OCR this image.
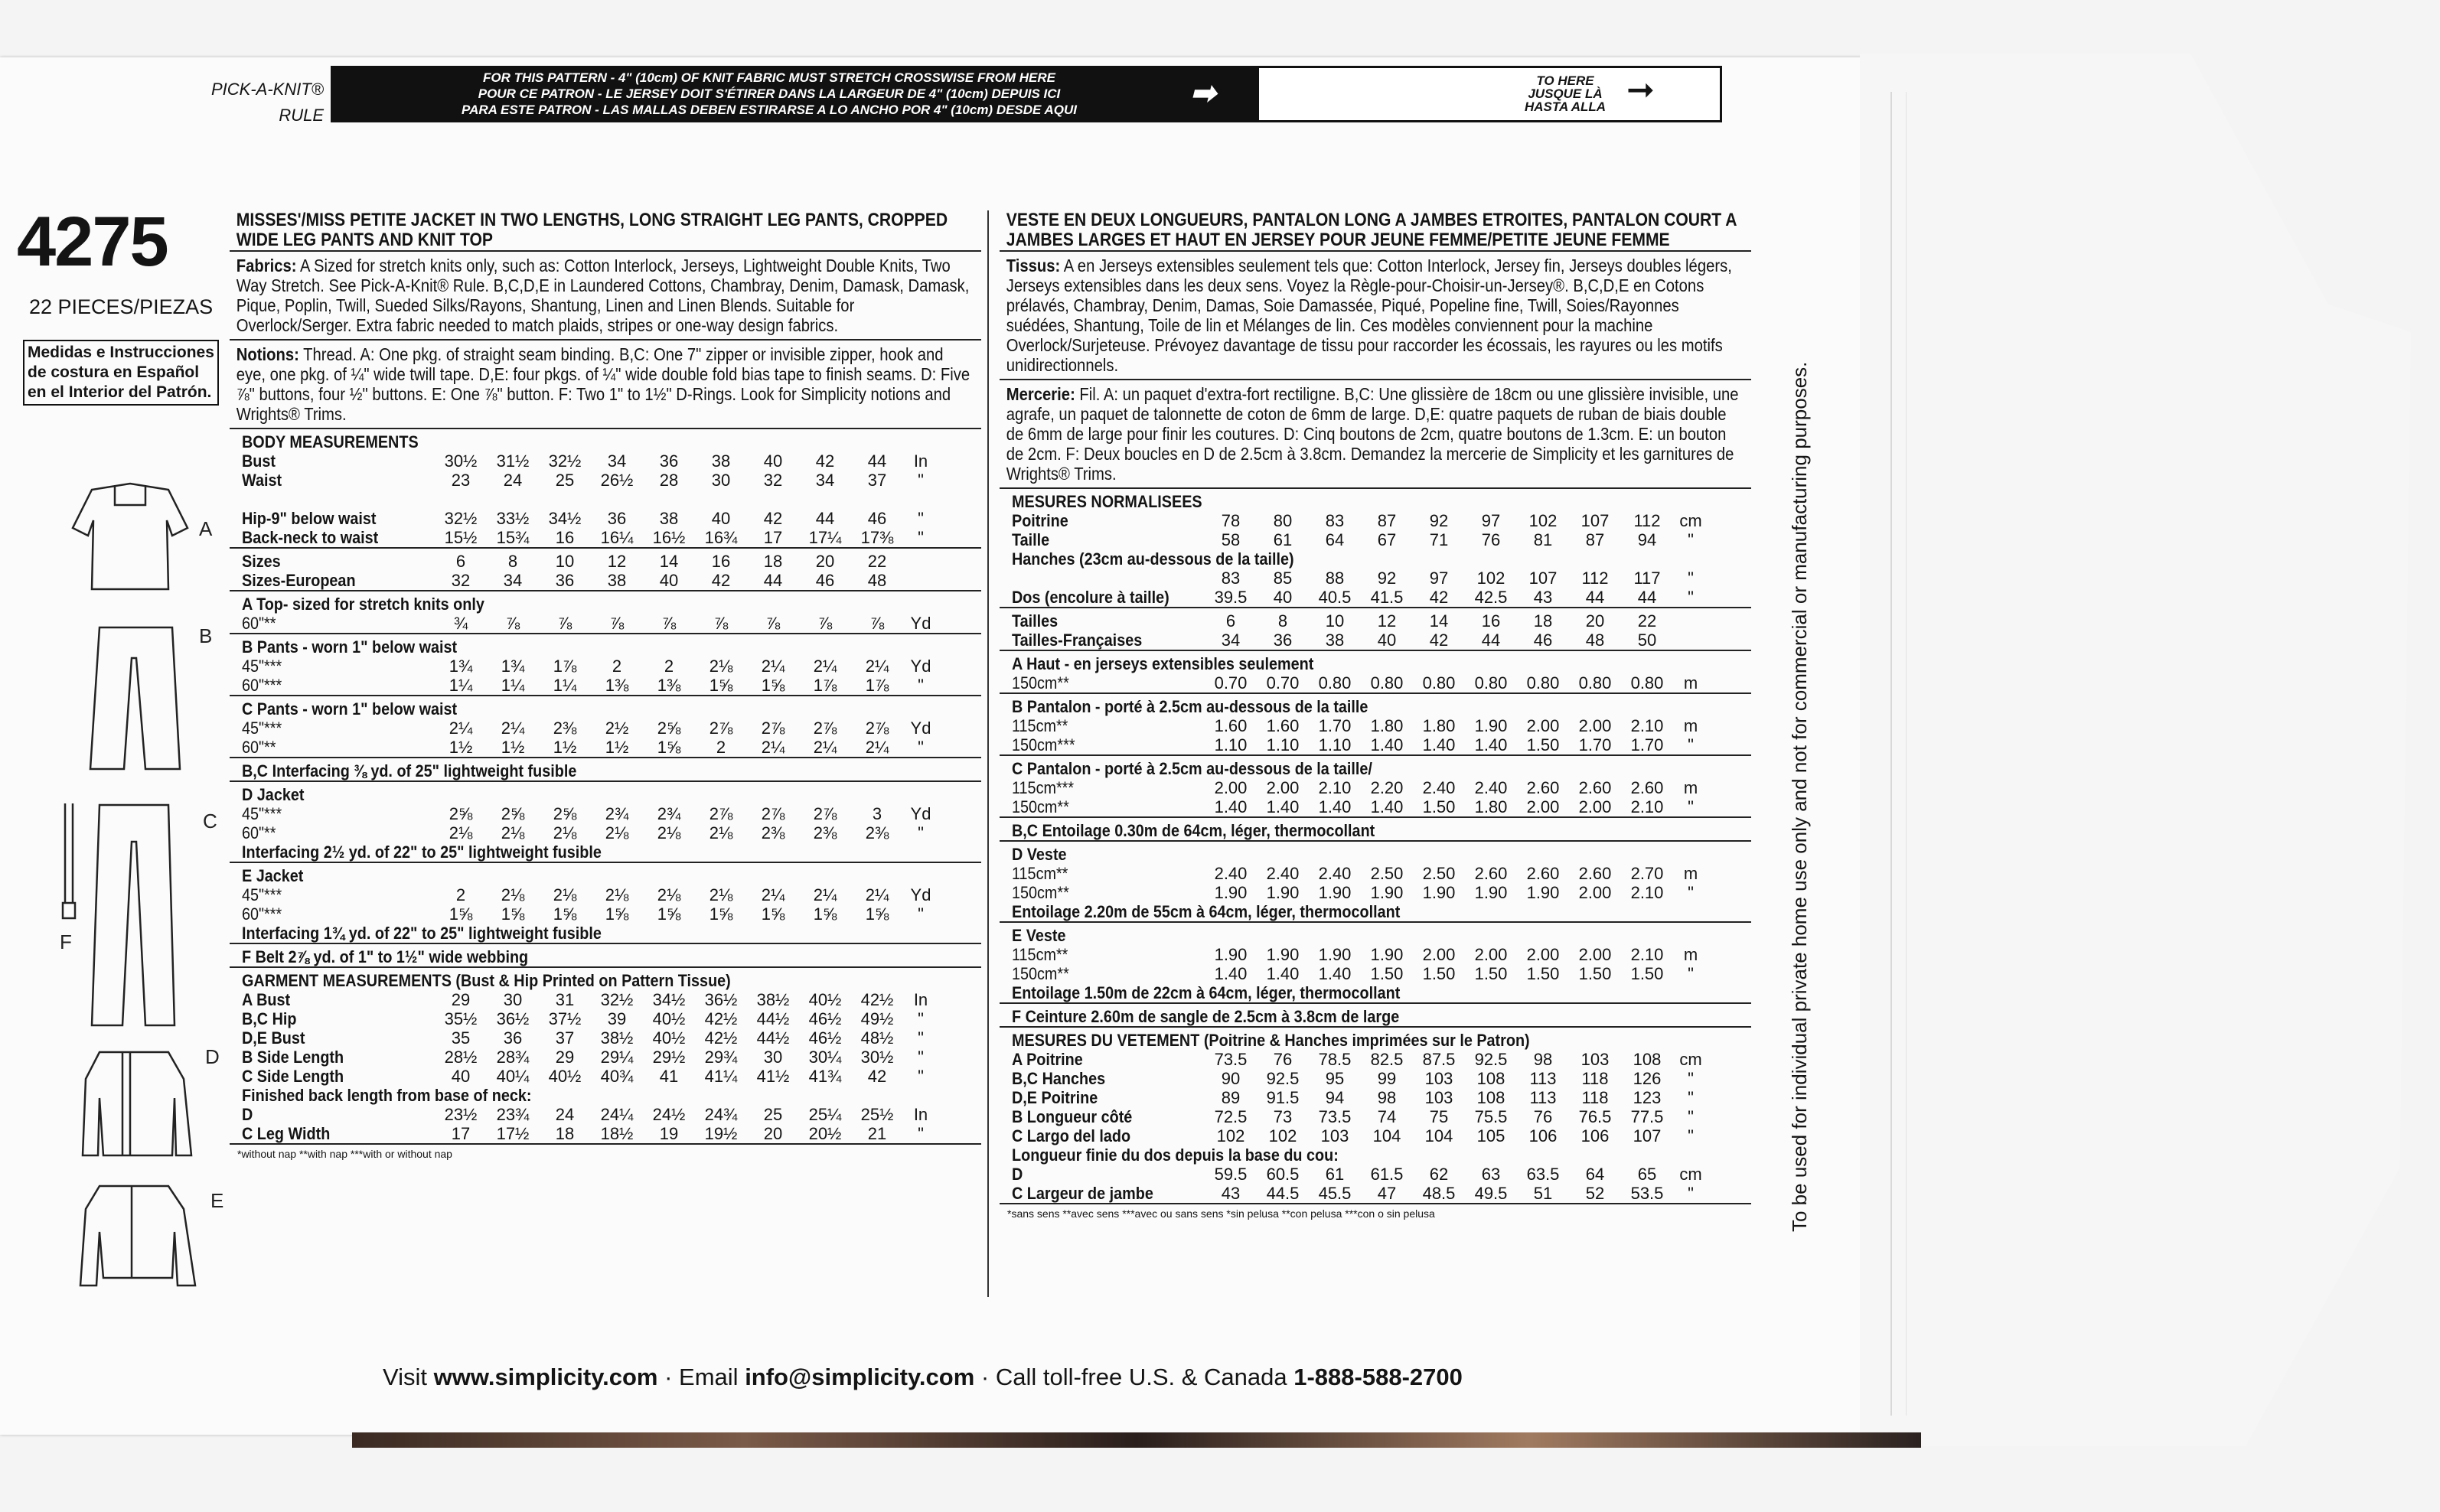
PICK-A-KNIT®
RULE
FOR THIS PATTERN - 4" (10cm) OF KNIT FABRIC MUST STRETCH CROSSWISE FROM HERE
POUR CE PATRON - LE JERSEY DOIT S'ÉTIRER DANS LA LARGEUR DE 4" (10cm) DEPUIS ICI
PARA ESTE PATRON - LAS MALLAS DEBEN ESTIRARSE A LO ANCHO POR 4" (10cm) DESDE AQUI	➡	TO HERE
JUSQUE LÀ
HASTA ALLA ➞
4275
22 PIECES/PIEZAS
Medidas e Instrucciones de costura en Español en el Interior del Patrón.
A
B
C
F
D
E
MISSES'/MISS PETITE JACKET IN TWO LENGTHS, LONG STRAIGHT LEG PANTS, CROPPED WIDE LEG PANTS AND KNIT TOP
Fabrics: A Sized for stretch knits only, such as: Cotton Interlock, Jerseys, Lightweight Double Knits, Two Way Stretch. See Pick-A-Knit® Rule. B,C,D,E in Laundered Cottons, Chambray, Denim, Damask, Damask, Pique, Poplin, Twill, Sueded Silks/Rayons, Shantung, Linen and Linen Blends. Suitable for Overlock/Serger. Extra fabric needed to match plaids, stripes or one-way design fabrics.
Notions: Thread. A: One pkg. of straight seam binding. B,C: One 7" zipper or invisible zipper, hook and eye, one pkg. of ¼" wide twill tape. D,E: four pkgs. of ¼" wide double fold bias tape to finish seams. D: Five ⅞" buttons, four ½" buttons. E: One ⅞" button. F: Two 1" to 1½" D-Rings. Look for Simplicity notions and Wrights® Trims.
BODY MEASUREMENTS
Bust	30½	31½	32½	34	36	38	40	42	44	In
Waist	23	24	25	26½	28	30	32	34	37	"
Hip-9" below waist	32½	33½	34½	36	38	40	42	44	46	"
Back-neck to waist	15½	15¾	16	16¼	16½	16¾	17	17¼	17⅜	"
Sizes	6	8	10	12	14	16	18	20	22
Sizes-European	32	34	36	38	40	42	44	46	48
A Top- sized for stretch knits only
60"**	¾	⅞	⅞	⅞	⅞	⅞	⅞	⅞	⅞	Yd
B Pants - worn 1" below waist
45"***	1¾	1¾	1⅞	2	2	2⅛	2¼	2¼	2¼	Yd
60"***	1¼	1¼	1¼	1⅜	1⅜	1⅝	1⅝	1⅞	1⅞	"
C Pants - worn 1" below waist
45"***	2¼	2¼	2⅜	2½	2⅝	2⅞	2⅞	2⅞	2⅞	Yd
60"**	1½	1½	1½	1½	1⅝	2	2¼	2¼	2¼	"
B,C Interfacing ⅜ yd. of 25" lightweight fusible
D Jacket
45"***	2⅝	2⅝	2⅝	2¾	2¾	2⅞	2⅞	2⅞	3	Yd
60"**	2⅛	2⅛	2⅛	2⅛	2⅛	2⅛	2⅜	2⅜	2⅜	"
Interfacing 2½ yd. of 22" to 25" lightweight fusible
E Jacket
45"***	2	2⅛	2⅛	2⅛	2⅛	2⅛	2¼	2¼	2¼	Yd
60"***	1⅝	1⅝	1⅝	1⅝	1⅝	1⅝	1⅝	1⅝	1⅝	"
Interfacing 1¾ yd. of 22" to 25" lightweight fusible
F Belt 2⅞ yd. of 1" to 1½" wide webbing
GARMENT MEASUREMENTS (Bust & Hip Printed on Pattern Tissue)
A Bust	29	30	31	32½	34½	36½	38½	40½	42½	In
B,C Hip	35½	36½	37½	39	40½	42½	44½	46½	49½	"
D,E Bust	35	36	37	38½	40½	42½	44½	46½	48½	"
B Side Length	28½	28¾	29	29¼	29½	29¾	30	30¼	30½	"
C Side Length	40	40¼	40½	40¾	41	41¼	41½	41¾	42	"
Finished back length from base of neck:
D	23½	23¾	24	24¼	24½	24¾	25	25¼	25½	In
C Leg Width	17	17½	18	18½	19	19½	20	20½	21	"
*without nap **with nap ***with or without nap
VESTE EN DEUX LONGUEURS, PANTALON LONG A JAMBES ETROITES, PANTALON COURT A JAMBES LARGES ET HAUT EN JERSEY POUR JEUNE FEMME/PETITE JEUNE FEMME
Tissus: A en Jerseys extensibles seulement tels que: Cotton Interlock, Jersey fin, Jerseys doubles légers, Jerseys extensibles dans les deux sens. Voyez la Règle-pour-Choisir-un-Jersey®. B,C,D,E en Cotons prélavés, Chambray, Denim, Damas, Soie Damassée, Piqué, Popeline fine, Twill, Soies/Rayonnes suédées, Shantung, Toile de lin et Mélanges de lin. Ces modèles conviennent pour la machine Overlock/Surjeteuse. Prévoyez davantage de tissu pour raccorder les écossais, les rayures ou les motifs unidirectionnels.
Mercerie: Fil. A: un paquet d'extra-fort rectiligne. B,C: Une glissière de 18cm ou une glissière invisible, une agrafe, un paquet de talonnette de coton de 6mm de large. D,E: quatre paquets de ruban de biais double de 6mm de large pour finir les coutures. D: Cinq boutons de 2cm, quatre boutons de 1.3cm. E: un bouton de 2cm. F: Deux boucles en D de 2.5cm à 3.8cm. Demandez la mercerie de Simplicity et les garnitures de Wrights® Trims.
MESURES NORMALISEES
Poitrine	78	80	83	87	92	97	102	107	112	cm
Taille	58	61	64	67	71	76	81	87	94	"
Hanches (23cm au-dessous de la taille)
83	85	88	92	97	102	107	112	117	"
Dos (encolure à taille)	39.5	40	40.5	41.5	42	42.5	43	44	44	"
Tailles	6	8	10	12	14	16	18	20	22
Tailles-Françaises	34	36	38	40	42	44	46	48	50
A Haut - en jerseys extensibles seulement
150cm**	0.70	0.70	0.80	0.80	0.80	0.80	0.80	0.80	0.80	m
B Pantalon - porté à 2.5cm au-dessous de la taille
115cm**	1.60	1.60	1.70	1.80	1.80	1.90	2.00	2.00	2.10	m
150cm***	1.10	1.10	1.10	1.40	1.40	1.40	1.50	1.70	1.70	"
C Pantalon - porté à 2.5cm au-dessous de la taille/
115cm***	2.00	2.00	2.10	2.20	2.40	2.40	2.60	2.60	2.60	m
150cm**	1.40	1.40	1.40	1.40	1.50	1.80	2.00	2.00	2.10	"
B,C Entoilage 0.30m de 64cm, léger, thermocollant
D Veste
115cm**	2.40	2.40	2.40	2.50	2.50	2.60	2.60	2.60	2.70	m
150cm**	1.90	1.90	1.90	1.90	1.90	1.90	1.90	2.00	2.10	"
Entoilage 2.20m de 55cm à 64cm, léger, thermocollant
E Veste
115cm**	1.90	1.90	1.90	1.90	2.00	2.00	2.00	2.00	2.10	m
150cm**	1.40	1.40	1.40	1.50	1.50	1.50	1.50	1.50	1.50	"
Entoilage 1.50m de 22cm à 64cm, léger, thermocollant
F Ceinture 2.60m de sangle de 2.5cm à 3.8cm de large
MESURES DU VETEMENT (Poitrine & Hanches imprimées sur le Patron)
A Poitrine	73.5	76	78.5	82.5	87.5	92.5	98	103	108	cm
B,C Hanches	90	92.5	95	99	103	108	113	118	126	"
D,E Poitrine	89	91.5	94	98	103	108	113	118	123	"
B Longueur côté	72.5	73	73.5	74	75	75.5	76	76.5	77.5	"
C Largo del lado	102	102	103	104	104	105	106	106	107	"
Longueur finie du dos depuis la base du cou:
D	59.5	60.5	61	61.5	62	63	63.5	64	65	cm
C Largeur de jambe	43	44.5	45.5	47	48.5	49.5	51	52	53.5	"
*sans sens **avec sens ***avec ou sans sens *sin pelusa **con pelusa ***con o sin pelusa	To be used for individual private home use only and not for commercial or manufacturing purposes.
Visit www.simplicity.com · Email info@simplicity.com · Call toll-free U.S. & Canada 1-888-588-2700
